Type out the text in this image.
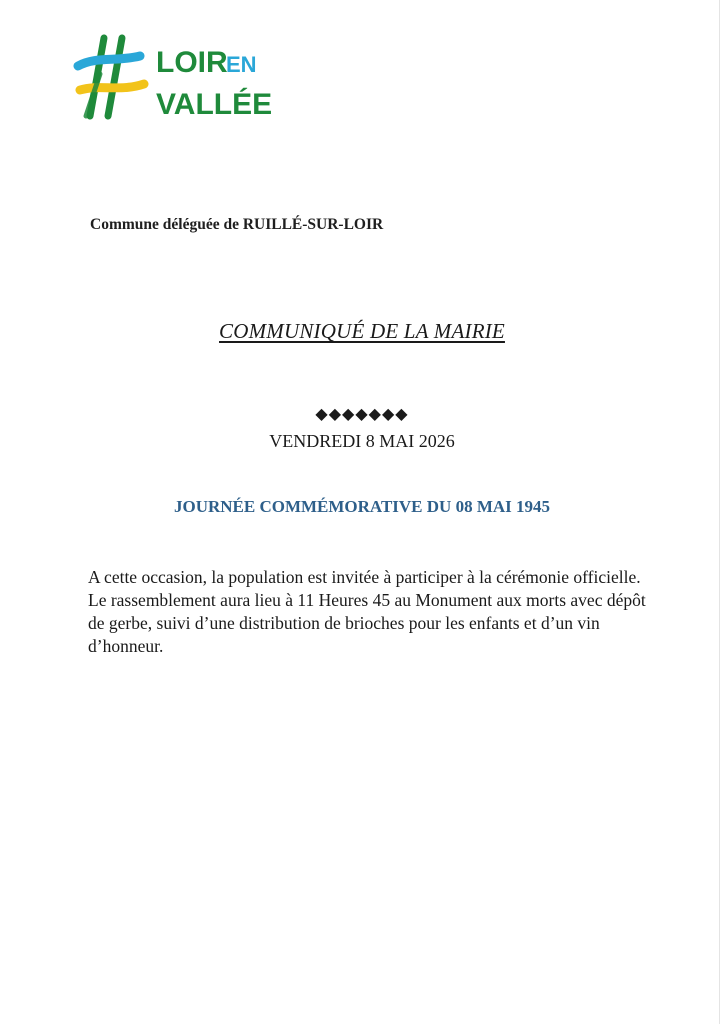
LOIR
EN
VALLÉE
Commune déléguée de RUILLÉ-SUR-LOIR
COMMUNIQUÉ DE LA MAIRIE
◆◆◆◆◆◆◆
VENDREDI 8 MAI 2026
JOURNÉE COMMÉMORATIVE DU 08 MAI 1945

A cette occasion, la population est invitée à participer à la cérémonie officielle.

Le rassemblement aura lieu à 11 Heures 45 au Monument aux morts avec dépôt de gerbe, suivi d’une distribution de brioches pour les enfants et d’un vin d’honneur.
